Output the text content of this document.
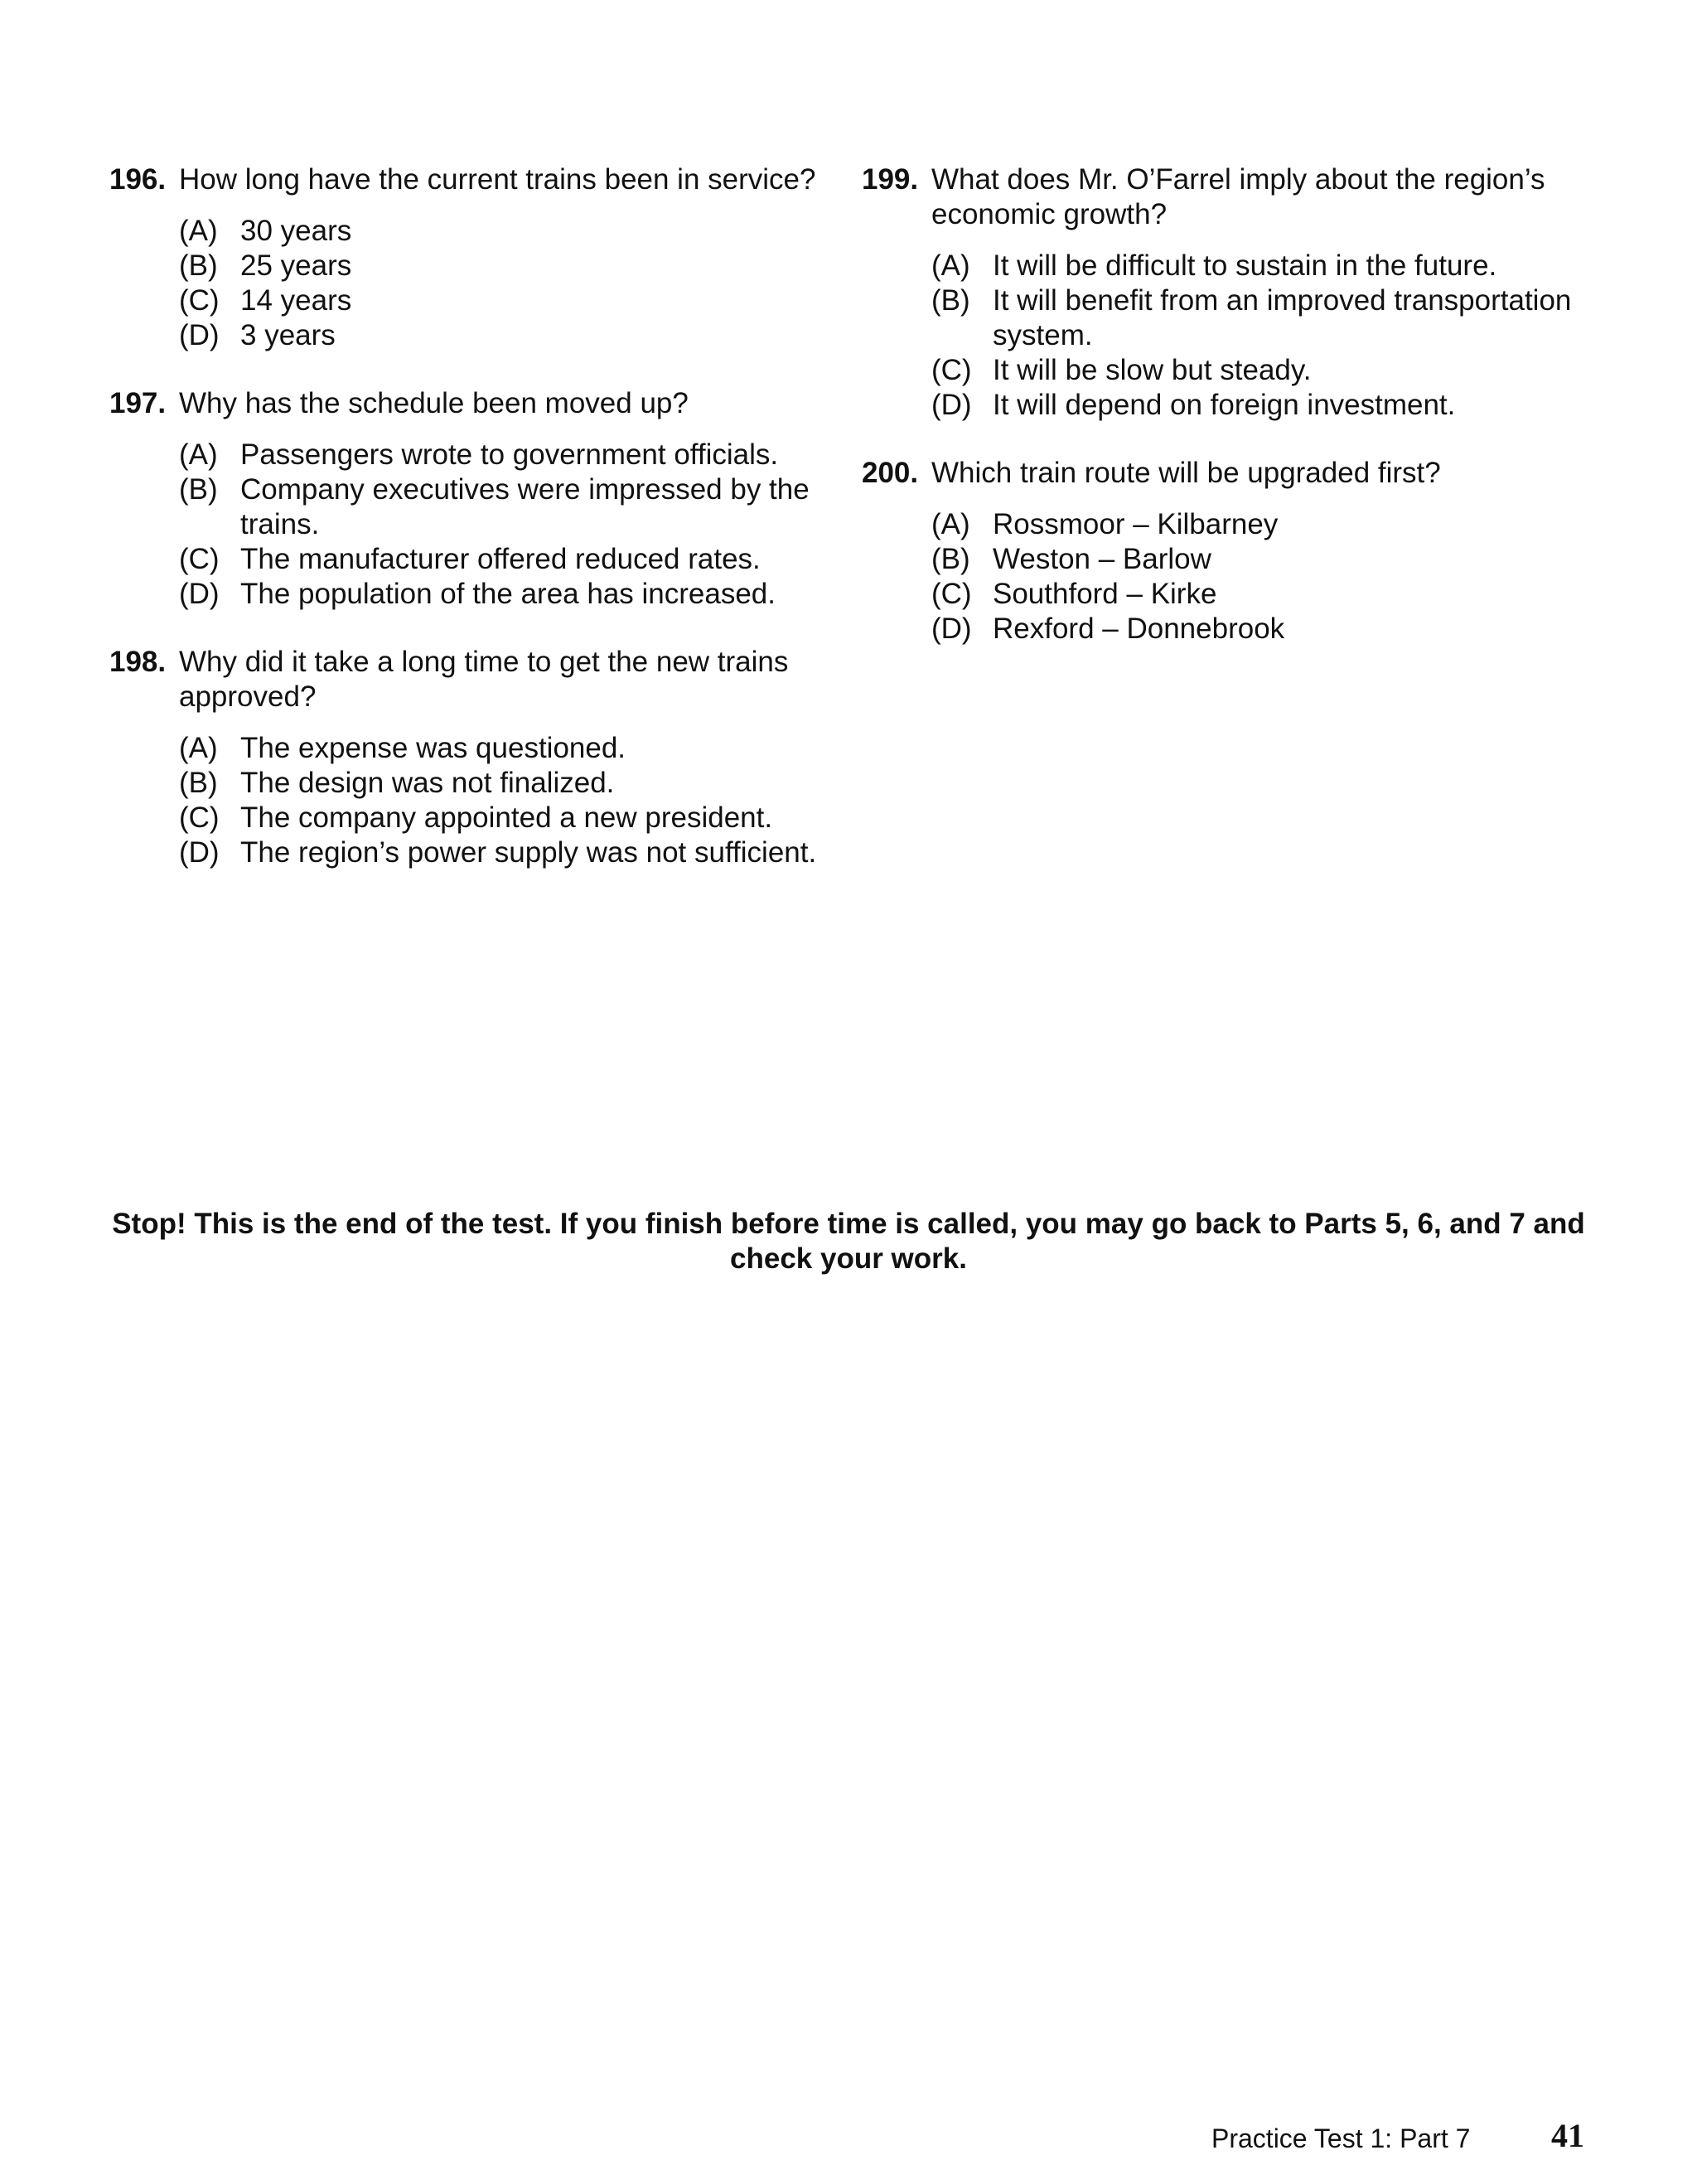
196. How long have the current trains been in service?
(A) 30 years
(B) 25 years
(C) 14 years
(D) 3 years
197. Why has the schedule been moved up?
(A) Passengers wrote to government officials.
(B) Company executives were impressed by the trains.
(C) The manufacturer offered reduced rates.
(D) The population of the area has increased.
198. Why did it take a long time to get the new trains approved?
(A) The expense was questioned.
(B) The design was not finalized.
(C) The company appointed a new president.
(D) The region’s power supply was not sufficient.
199. What does Mr. O’Farrel imply about the region’s economic growth?
(A) It will be difficult to sustain in the future.
(B) It will benefit from an improved transportation system.
(C) It will be slow but steady.
(D) It will depend on foreign investment.
200. Which train route will be upgraded first?
(A) Rossmoor – Kilbarney
(B) Weston – Barlow
(C) Southford – Kirke
(D) Rexford – Donnebrook
Stop! This is the end of the test. If you finish before time is called, you may go back to Parts 5, 6, and 7 and check your work.
Practice Test 1: Part 7 41
